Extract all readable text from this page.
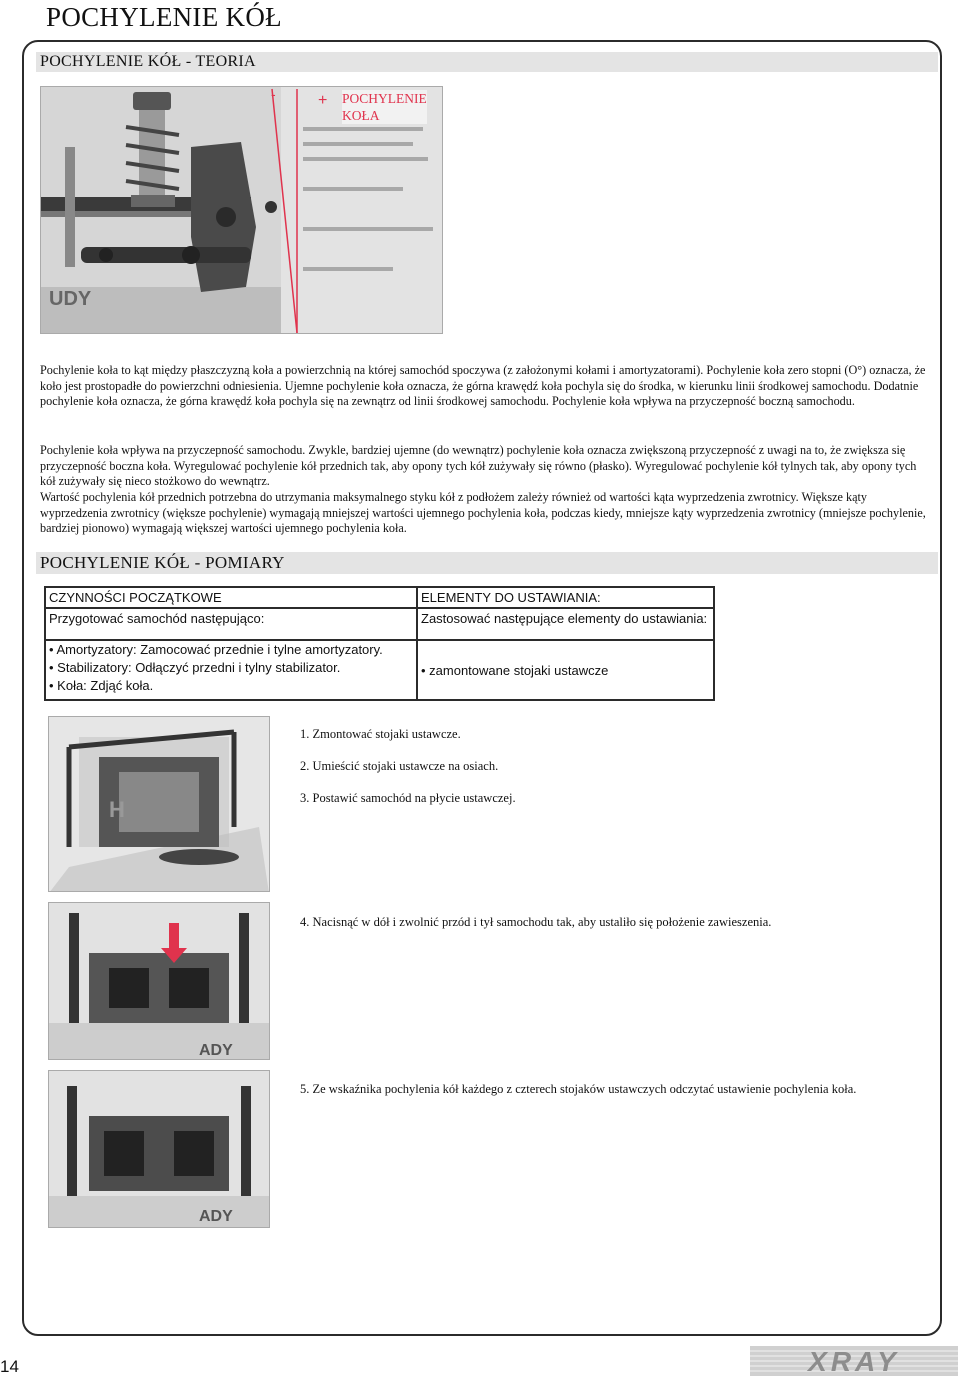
POCHYLENIE KÓŁ
POCHYLENIE KÓŁ - TEORIA
UDY
+
-	POCHYLENIE
KOŁA

Pochylenie koła to kąt między płaszczyzną koła a powierzchnią na której samochód spoczywa (z założonymi kołami i amortyzatorami). Pochylenie koła zero stopni (O°) oznacza, że koło jest prostopadłe do powierzchni odniesienia. Ujemne pochylenie koła oznacza, że górna krawędź koła pochyla się do środka, w kierunku linii środkowej samochodu. Dodatnie pochylenie koła oznacza, że górna krawędź koła pochyla się na zewnątrz od linii środkowej samochodu. Pochylenie koła wpływa na przyczepność boczną samochodu.

Pochylenie koła wpływa na przyczepność samochodu. Zwykle, bardziej ujemne (do wewnątrz) pochylenie koła oznacza zwiększoną przyczepność z uwagi na to, że zwiększa się przyczepność boczna koła. Wyregulować pochylenie kół przednich tak, aby opony tych kół zużywały się równo (płasko). Wyregulować pochylenie kół tylnych tak, aby opony tych kół zużywały się nieco stożkowo do wewnątrz.

Wartość pochylenia kół przednich potrzebna do utrzymania maksymalnego styku kół z podłożem zależy również od wartości kąta wyprzedzenia zwrotnicy. Większe kąty wyprzedzenia zwrotnicy (większe pochylenie) wymagają mniejszej wartości ujemnego pochylenia koła, podczas kiedy, mniejsze kąty wyprzedzenia zwrotnicy (mniejsze pochylenie, bardziej pionowo) wymagają większej wartości ujemnego pochylenia koła.

POCHYLENIE KÓŁ - POMIARY
CZYNNOŚCI POCZĄTKOWE	ELEMENTY DO USTAWIANIA:
Przygotować samochód następująco:	Zastosować następujące elementy do ustawiania:

• Amortyzatory: Zamocować przednie i tylne amortyzatory.
• Stabilizatory: Odłączyć przedni i tylny stabilizator.
• Koła: Zdjąć koła.	• zamontowane stojaki ustawcze
H
ADY
ADY
1. Zmontować stojaki ustawcze.
2. Umieścić stojaki ustawcze na osiach.
3. Postawić samochód na płycie ustawczej.
4. Nacisnąć w dół i zwolnić przód i tył samochodu tak, aby ustaliło się położenie zawieszenia.
5. Ze wskaźnika pochylenia kół każdego z czterech stojaków ustawczych odczytać ustawienie pochylenia koła.
14	XRAY
